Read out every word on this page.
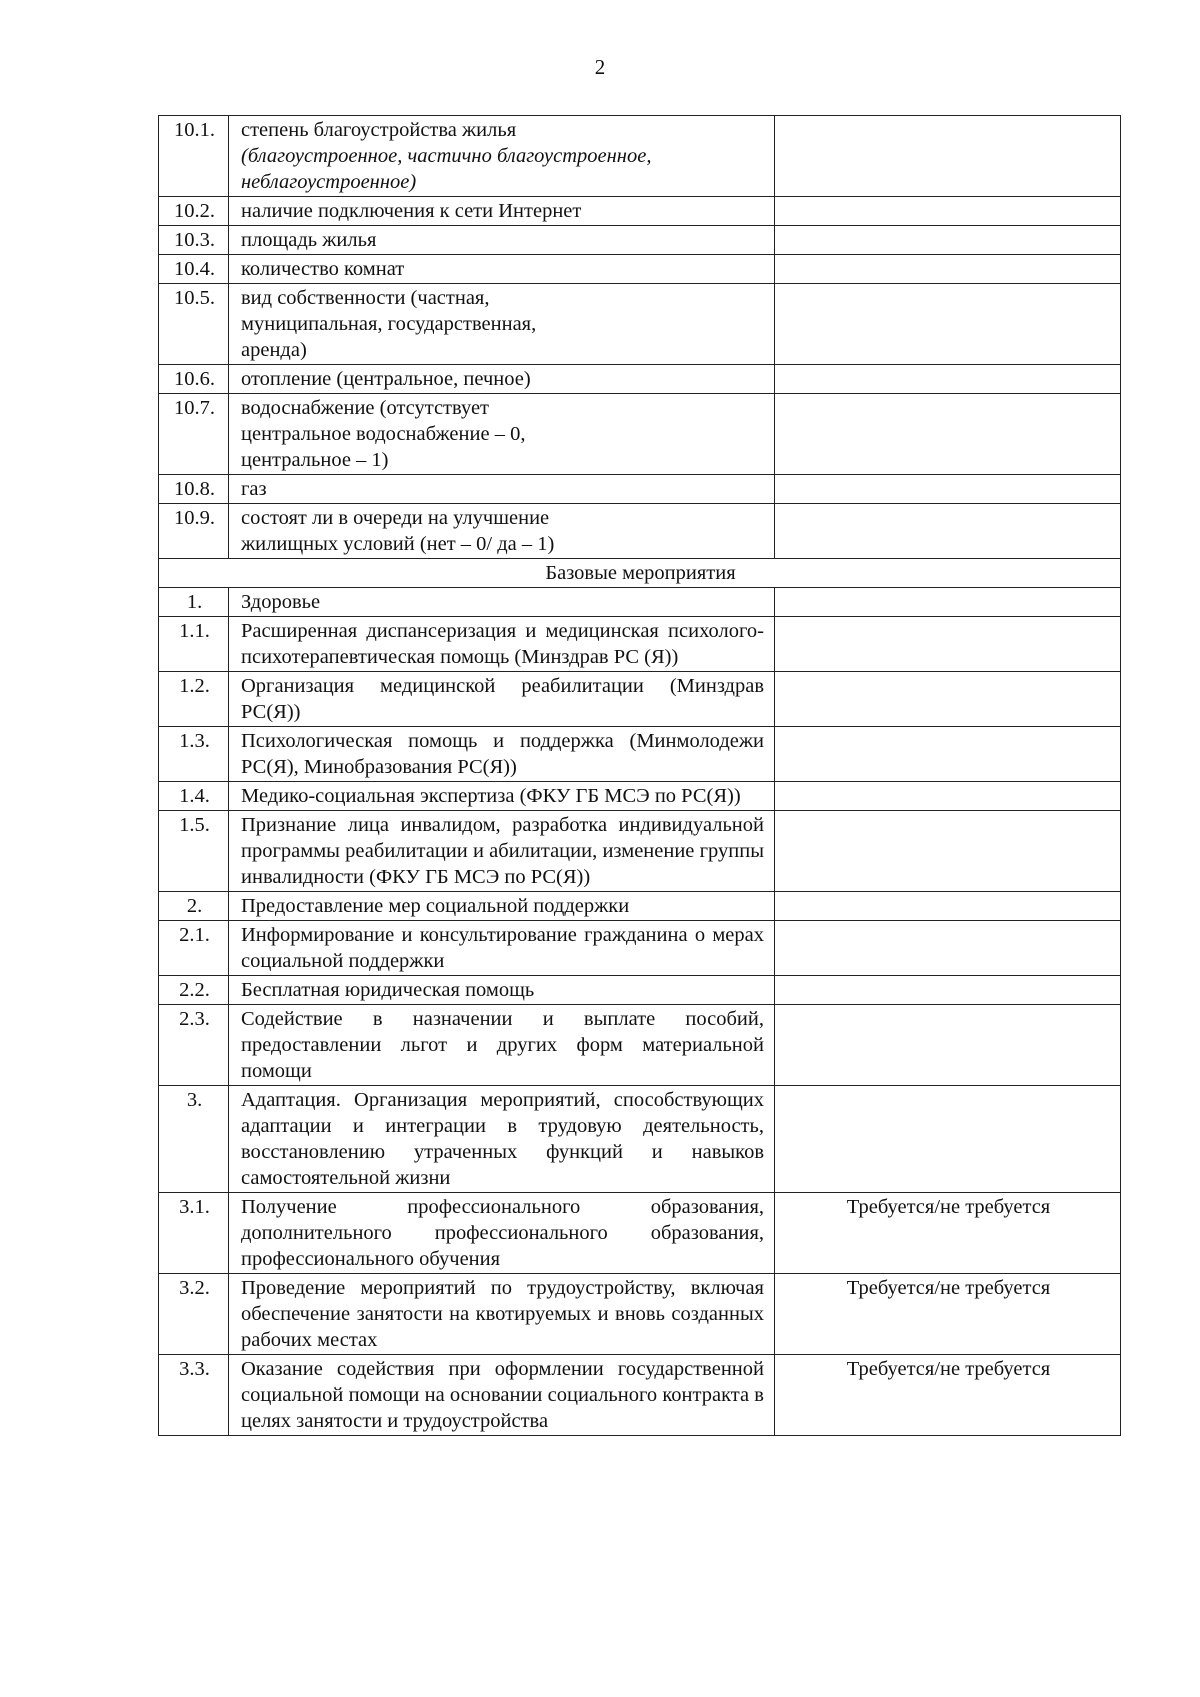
2
10.1.	степень благоустройства жилья
(благоустроенное, частично благоустроенное,
неблагоустроенное)	

10.2.	наличие подключения к сети Интернет	

10.3.	площадь жилья	

10.4.	количество комнат	

10.5.	вид собственности (частная,
муниципальная, государственная,
аренда)	

10.6.	отопление (центральное, печное)	

10.7.	водоснабжение (отсутствует
центральное водоснабжение – 0,
центральное – 1)	

10.8.	газ	

10.9.	состоят ли в очереди на улучшение
жилищных условий (нет – 0/ да – 1)	

Базовые мероприятия		
1.	Здоровье	
1.1.	Расширенная диспансеризация и медицинская психолого-психотерапевтическая помощь (Минздрав РС (Я))	
1.2.	Организация медицинской реабилитации (Минздрав РС(Я))	
1.3.	Психологическая помощь и поддержка (Минмолодежи РС(Я), Минобразования РС(Я))	
1.4.	Медико-социальная экспертиза (ФКУ ГБ МСЭ по РС(Я))	
1.5.	Признание лица инвалидом, разработка индивидуальной программы реабилитации и абилитации, изменение группы инвалидности (ФКУ ГБ МСЭ по РС(Я))	
2.	Предоставление мер социальной поддержки	
2.1.	Информирование и консультирование гражданина о мерах социальной поддержки	
2.2.	Бесплатная юридическая помощь	
2.3.	Содействие в назначении и выплате пособий, предоставлении льгот и других форм материальной помощи	
3.	Адаптация. Организация мероприятий, способствующих адаптации и интеграции в трудовую деятельность, восстановлению утраченных функций и навыков самостоятельной жизни	
3.1.	Получение профессионального образования, дополнительного профессионального образования, профессионального обучения	Требуется/не требуется
3.2.	Проведение мероприятий по трудоустройству, включая обеспечение занятости на квотируемых и вновь созданных рабочих местах	Требуется/не требуется
3.3.	Оказание содействия при оформлении государственной социальной помощи на основании социального контракта в целях занятости и трудоустройства	Требуется/не требуется
